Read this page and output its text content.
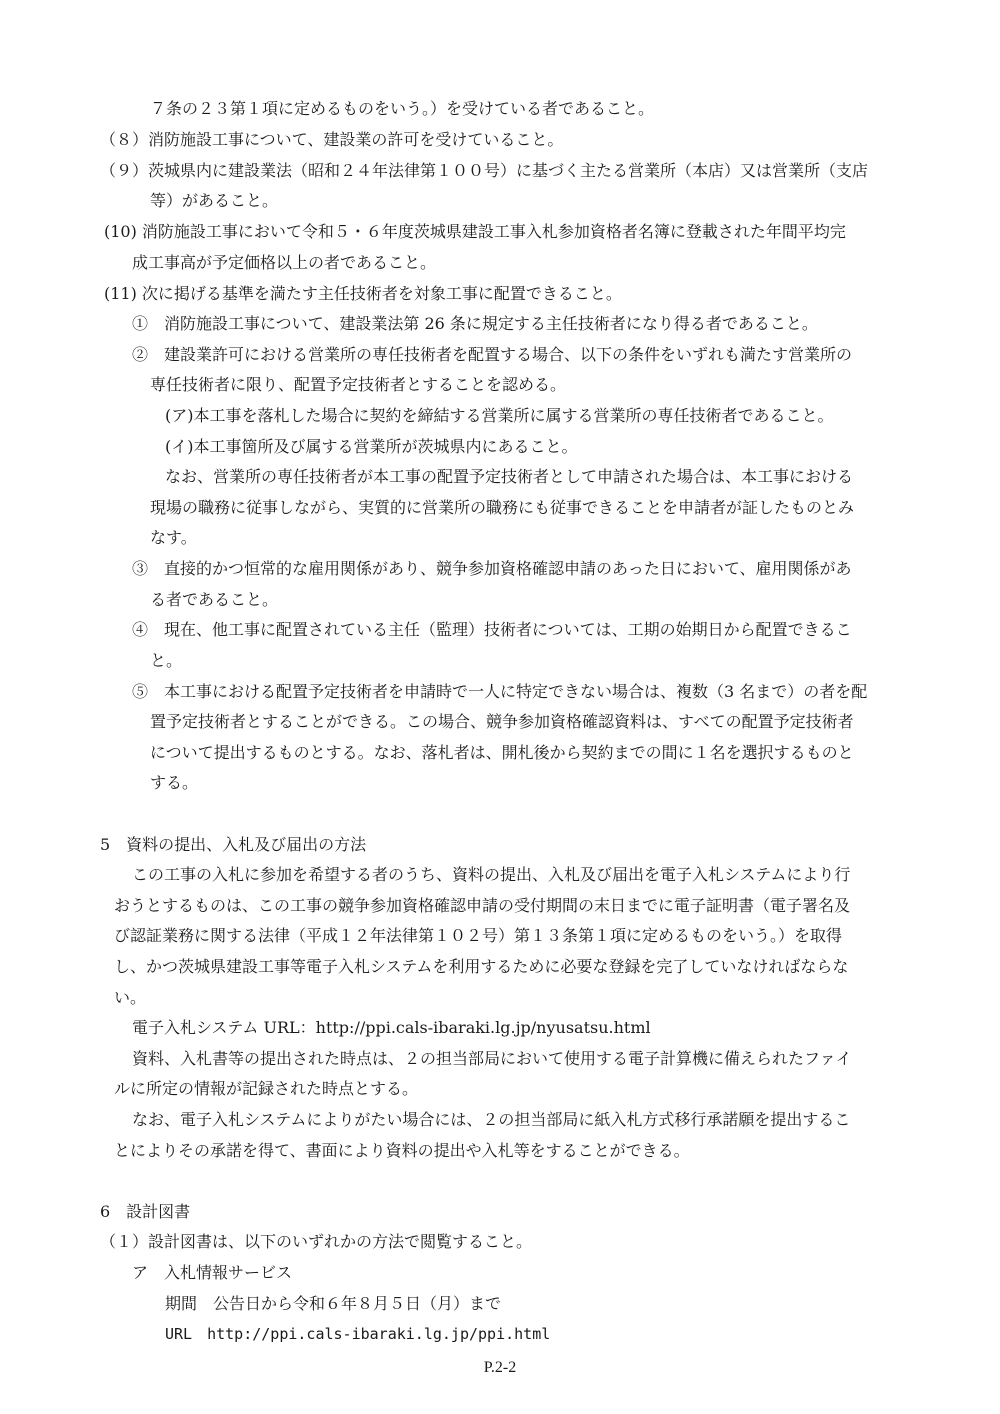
７条の２３第１項に定めるものをいう。）を受けている者であること。

（８）消防施設工事について、建設業の許可を受けていること。

（９）茨城県内に建設業法（昭和２４年法律第１００号）に基づく主たる営業所（本店）又は営業所（支店

等）があること。

(10) 消防施設工事において令和５・６年度茨城県建設工事入札参加資格者名簿に登載された年間平均完

成工事高が予定価格以上の者であること。

(11) 次に掲げる基準を満たす主任技術者を対象工事に配置できること。

①　消防施設工事について、建設業法第 26 条に規定する主任技術者になり得る者であること。

②　建設業許可における営業所の専任技術者を配置する場合、以下の条件をいずれも満たす営業所の

専任技術者に限り、配置予定技術者とすることを認める。

(ア)本工事を落札した場合に契約を締結する営業所に属する営業所の専任技術者であること。

(イ)本工事箇所及び属する営業所が茨城県内にあること。

なお、営業所の専任技術者が本工事の配置予定技術者として申請された場合は、本工事における

現場の職務に従事しながら、実質的に営業所の職務にも従事できることを申請者が証したものとみ

なす。

③　直接的かつ恒常的な雇用関係があり、競争参加資格確認申請のあった日において、雇用関係があ

る者であること。

④　現在、他工事に配置されている主任（監理）技術者については、工期の始期日から配置できるこ

と。

⑤　本工事における配置予定技術者を申請時で一人に特定できない場合は、複数（3 名まで）の者を配

置予定技術者とすることができる。この場合、競争参加資格確認資料は、すべての配置予定技術者

について提出するものとする。なお、落札者は、開札後から契約までの間に１名を選択するものと

する。

5　資料の提出、入札及び届出の方法

この工事の入札に参加を希望する者のうち、資料の提出、入札及び届出を電子入札システムにより行

おうとするものは、この工事の競争参加資格確認申請の受付期間の末日までに電子証明書（電子署名及

び認証業務に関する法律（平成１２年法律第１０２号）第１３条第１項に定めるものをいう。）を取得

し、かつ茨城県建設工事等電子入札システムを利用するために必要な登録を完了していなければならな

い。

電子入札システム URL：http://ppi.cals-ibaraki.lg.jp/nyusatsu.html

資料、入札書等の提出された時点は、２の担当部局において使用する電子計算機に備えられたファイ

ルに所定の情報が記録された時点とする。

なお、電子入札システムによりがたい場合には、２の担当部局に紙入札方式移行承諾願を提出するこ

とによりその承諾を得て、書面により資料の提出や入札等をすることができる。

6　設計図書

（１）設計図書は、以下のいずれかの方法で閲覧すること。

ア　入札情報サービス

期間　公告日から令和６年８月５日（月）まで

URL　http://ppi.cals-ibaraki.lg.jp/ppi.html

P.2-2
